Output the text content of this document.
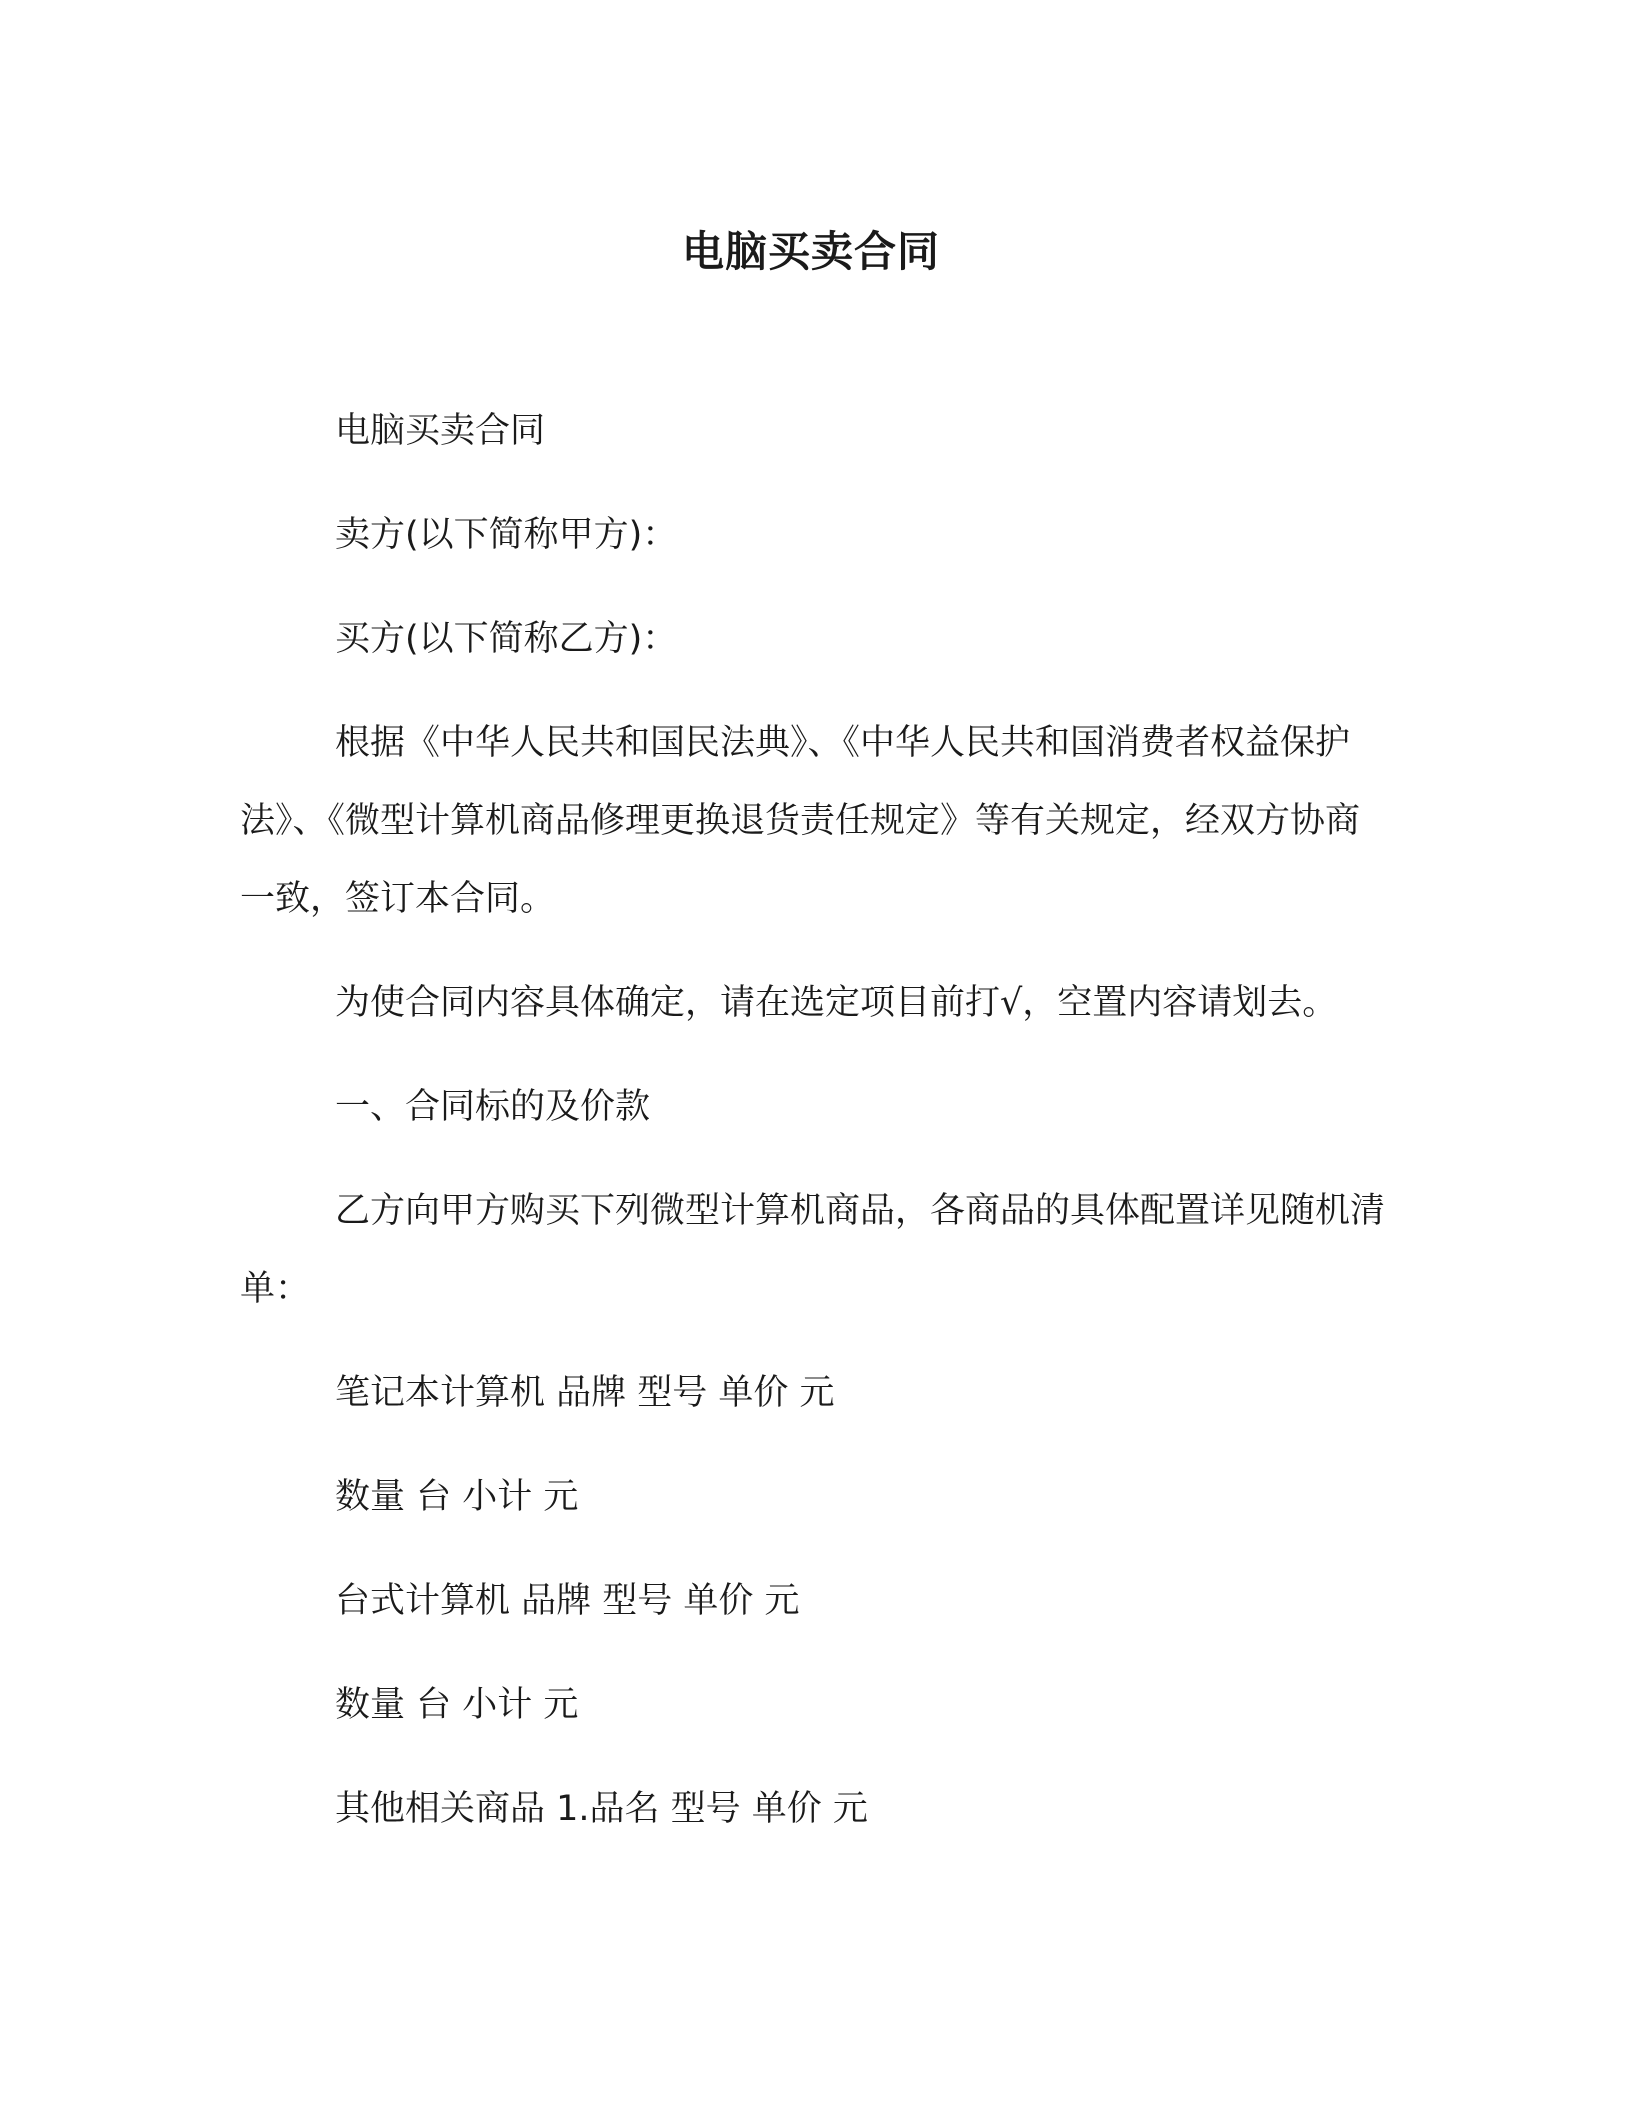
电脑买卖合同

电脑买卖合同

卖方(以下简称甲方)：

买方(以下简称乙方)：

根据《中华人民共和国民法典》、《中华人民共和国消费者权益保护法》、《微型计算机商品修理更换退货责任规定》等有关规定，经双方协商一致，签订本合同。

为使合同内容具体确定，请在选定项目前打√，空置内容请划去。

一、合同标的及价款

乙方向甲方购买下列微型计算机商品，各商品的具体配置详见随机清单：

笔记本计算机 品牌 型号 单价 元

数量 台 小计 元

台式计算机 品牌 型号 单价 元

数量 台 小计 元

其他相关商品 1.品名 型号 单价 元
